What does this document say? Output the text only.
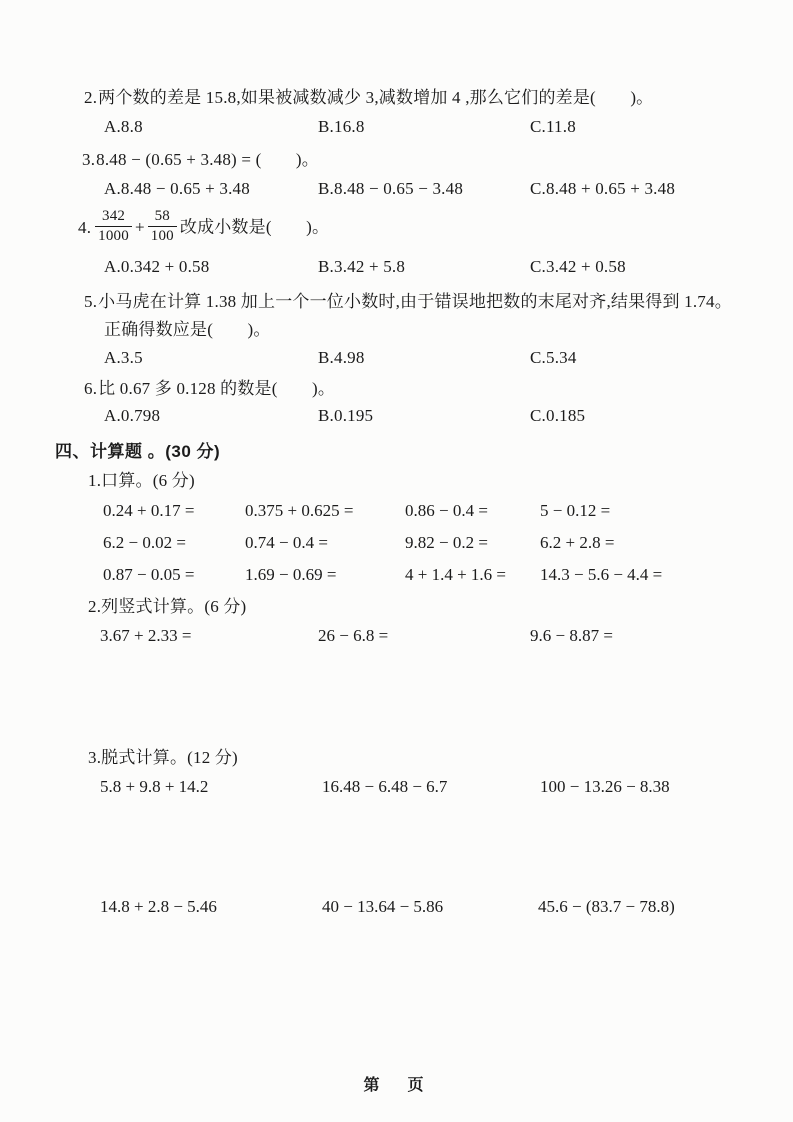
2.两个数的差是 15.8,如果被减数减少 3,减数增加 4 ,那么它们的差是(　　)。
A.8.8	B.16.8	C.11.8
3.8.48 − (0.65 + 3.48) = (　　)。
A.8.48 − 0.65 + 3.48	B.8.48 − 0.65 − 3.48	C.8.48 + 0.65 + 3.48
4. $\frac{342}{1000} + \frac{58}{100}$ 改成小数是(　　)。
A.0.342 + 0.58	B.3.42 + 5.8	C.3.42 + 0.58
5.小马虎在计算 1.38 加上一个一位小数时,由于错误地把数的末尾对齐,结果得到 1.74。
正确得数应是(　　)。
A.3.5	B.4.98	C.5.34
6.比 0.67 多 0.128 的数是(　　)。
A.0.798	B.0.195	C.0.185
四、计算题 。(30 分)
1.口算。(6 分)
0.24 + 0.17 =	0.375 + 0.625 =	0.86 − 0.4 =	5 − 0.12 =
6.2 − 0.02 =	0.74 − 0.4 =	9.82 − 0.2 =	6.2 + 2.8 =
0.87 − 0.05 =	1.69 − 0.69 =	4 + 1.4 + 1.6 = 14.3 − 5.6 − 4.4 =
2.列竖式计算。(6 分)
3.67 + 2.33 =	26 − 6.8 =	9.6 − 8.87 =
3.脱式计算。(12 分)
5.8 + 9.8 + 14.2	16.48 − 6.48 − 6.7	100 − 13.26 − 8.38
14.8 + 2.8 − 5.46	40 − 13.64 − 5.86	45.6 − (83.7 − 78.8)
第　页
